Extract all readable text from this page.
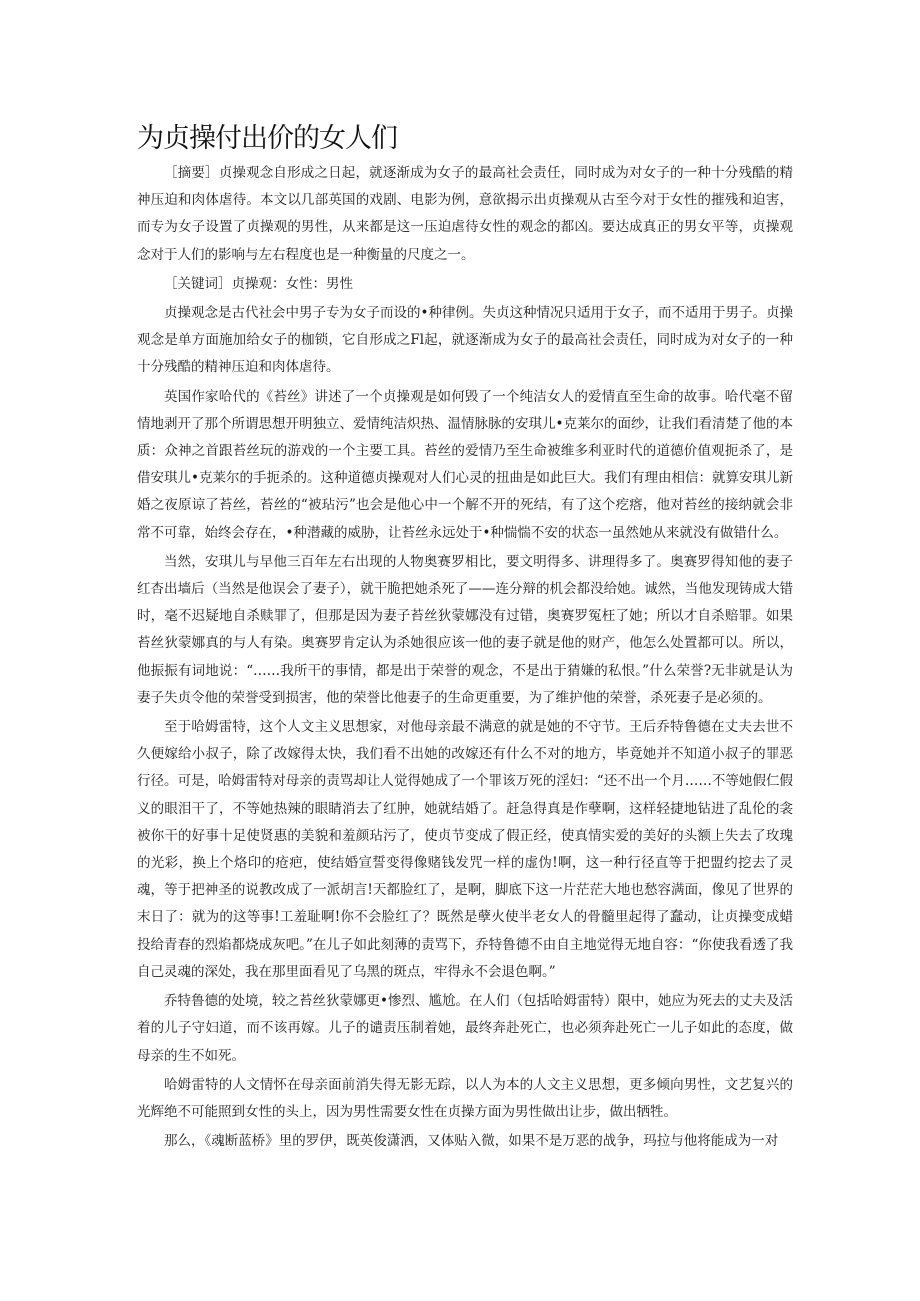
为贞操付出价的女人们

［摘要］贞操观念自形成之日起，就逐渐成为女子的最高社会责任，同时成为对女子的一种十分残酷的精神压迫和肉体虐待。本文以几部英国的戏剧、电影为例，意欲揭示出贞操观从古至今对于女性的摧残和迫害，而专为女子设置了贞操观的男性，从来都是这一压迫虐待女性的观念的都凶。要达成真正的男女平等，贞操观念对于人们的影响与左右程度也是一种衡量的尺度之一。

［关键词］贞操观：女性：男性

贞操观念是古代社会中男子专为女子而设的•种律例。失贞这种情况只适用于女子，而不适用于男子。贞操观念是单方面施加给女子的枷锁，它自形成之Fl起，就逐渐成为女子的最高社会责任，同时成为对女子的一种十分残酷的精神压迫和肉体虐待。

英国作家哈代的《苔丝》讲述了一个贞操观是如何毁了一个纯洁女人的爱情直至生命的故事。哈代毫不留情地剥开了那个所谓思想开明独立、爱情纯洁炽热、温情脉脉的安琪儿•克莱尔的面纱，让我们看清楚了他的本质：众神之首跟苔丝玩的游戏的一个主要工具。苔丝的爱情乃至生命被维多利亚时代的道德价值观扼杀了，是借安琪儿•克莱尔的手扼杀的。这种道德贞操观对人们心灵的扭曲是如此巨大。我们有理由相信：就算安琪儿新婚之夜原谅了苔丝，苔丝的“被玷污”也会是他心中一个解不开的死结，有了这个疙瘩，他对苔丝的接纳就会非常不可靠，始终会存在，•种潜藏的威胁，让苔丝永远处于•种惴惴不安的状态一虽然她从来就没有做错什么。

当然，安琪儿与早他三百年左右出现的人物奥赛罗相比，要文明得多、讲理得多了。奥赛罗得知他的妻子红杏出墙后（当然是他误会了妻子），就干脆把她杀死了——连分辩的机会都没给她。诚然，当他发现铸成大错时，毫不迟疑地自杀赎罪了，但那是因为妻子苔丝狄蒙娜没有过错，奥赛罗冤枉了她；所以才自杀赔罪。如果苔丝狄蒙娜真的与人有染。奥赛罗肯定认为杀她很应该一他的妻子就是他的财产，他怎么处置都可以。所以，他振振有词地说：“……我所干的事情，都是出于荣誉的观念，不是出于猜嫌的私恨。”什么荣誉?无非就是认为妻子失贞令他的荣誉受到损害，他的荣誉比他妻子的生命更重要，为了维护他的荣誉，杀死妻子是必须的。

至于哈姆雷特，这个人文主义思想家，对他母亲最不满意的就是她的不守节。王后乔特鲁德在丈夫去世不久便嫁给小叔子，除了改嫁得太快，我们看不出她的改嫁还有什么不对的地方，毕竟她并不知道小叔子的罪恶行径。可是，哈姆雷特对母亲的责骂却让人觉得她成了一个罪该万死的淫妇：“还不出一个月……不等她假仁假义的眼泪干了，不等她热辣的眼睛消去了红肿，她就结婚了。赶急得真是作孽啊，这样轻捷地钻进了乱伦的衾被你干的好事十足使贤惠的美貌和羞颜玷污了，使贞节变成了假正经，使真情实爱的美好的头额上失去了玫瑰的光彩，换上个烙印的疮疤，使结婚宣誓变得像赌钱发咒一样的虚伪!啊，这一种行径直等于把盟约挖去了灵魂，等于把神圣的说教改成了一派胡言!天都脸红了，是啊，脚底下这一片茫茫大地也愁容满面，像见了世界的末日了：就为的这等事!工羞耻啊!你不会脸红了？既然是孽火使半老女人的骨髓里起得了蠢动，让贞操变成蜡投给青春的烈焰都烧成灰吧。”在儿子如此刻薄的责骂下，乔特鲁德不由自主地觉得无地自容：“你使我看透了我自己灵魂的深处，我在那里面看见了乌黑的斑点，牢得永不会退色啊。”

乔特鲁德的处境，较之苔丝狄蒙娜更•惨烈、尴尬。在人们（包括哈姆雷特）限中，她应为死去的丈夫及活着的儿子守妇道，而不该再嫁。儿子的谴责压制着她，最终奔赴死亡，也必须奔赴死亡一儿子如此的态度，做母亲的生不如死。

哈姆雷特的人文情怀在母亲面前消失得无影无踪，以人为本的人文主义思想，更多倾向男性，文艺复兴的光辉绝不可能照到女性的头上，因为男性需要女性在贞操方面为男性做出让步，做出牺牲。

那么，《魂断蓝桥》里的罗伊，既英俊潇洒，又体贴入微，如果不是万恶的战争，玛拉与他将能成为一对
